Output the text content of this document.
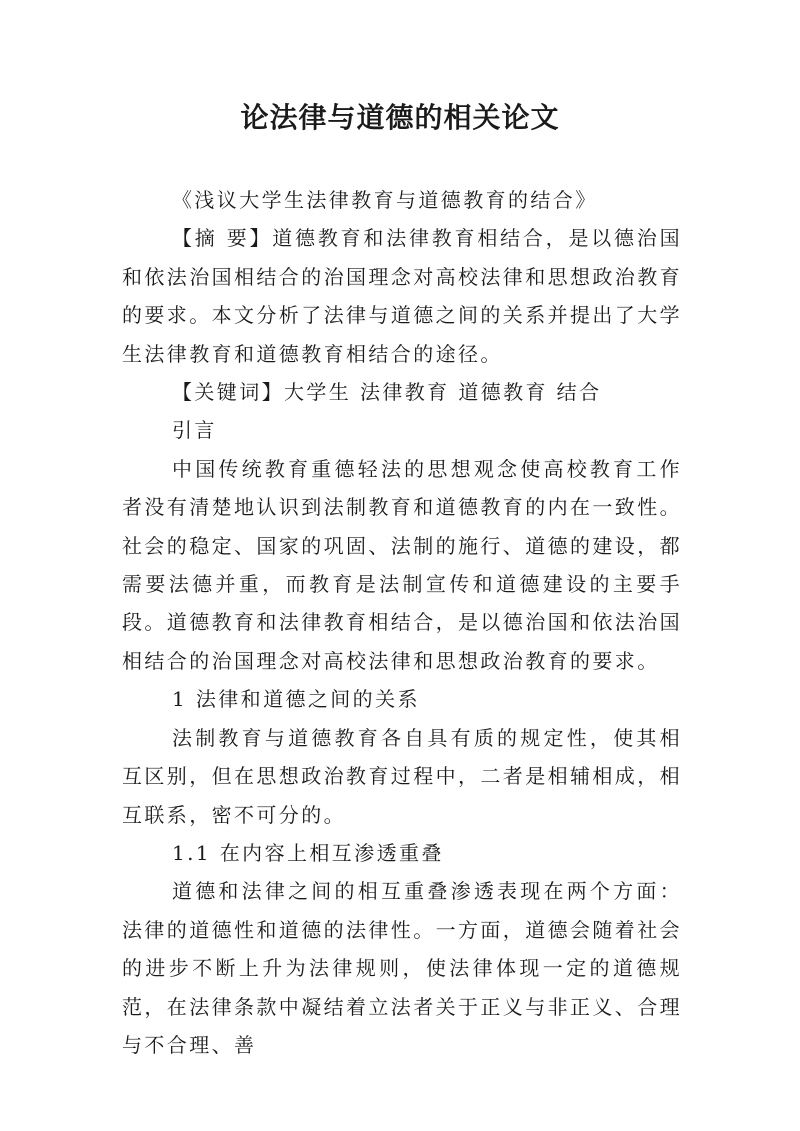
论法律与道德的相关论文

《浅议大学生法律教育与道德教育的结合》

【摘 要】道德教育和法律教育相结合，是以德治国和依法治国相结合的治国理念对高校法律和思想政治教育的要求。本文分析了法律与道德之间的关系并提出了大学生法律教育和道德教育相结合的途径。

【关键词】大学生 法律教育 道德教育 结合

引言

中国传统教育重德轻法的思想观念使高校教育工作者没有清楚地认识到法制教育和道德教育的内在一致性。社会的稳定、国家的巩固、法制的施行、道德的建设，都需要法德并重，而教育是法制宣传和道德建设的主要手段。道德教育和法律教育相结合，是以德治国和依法治国相结合的治国理念对高校法律和思想政治教育的要求。

1 法律和道德之间的关系

法制教育与道德教育各自具有质的规定性，使其相互区别，但在思想政治教育过程中，二者是相辅相成，相互联系，密不可分的。

1.1 在内容上相互渗透重叠

道德和法律之间的相互重叠渗透表现在两个方面：法律的道德性和道德的法律性。一方面，道德会随着社会的进步不断上升为法律规则，使法律体现一定的道德规范，在法律条款中凝结着立法者关于正义与非正义、合理与不合理、善
